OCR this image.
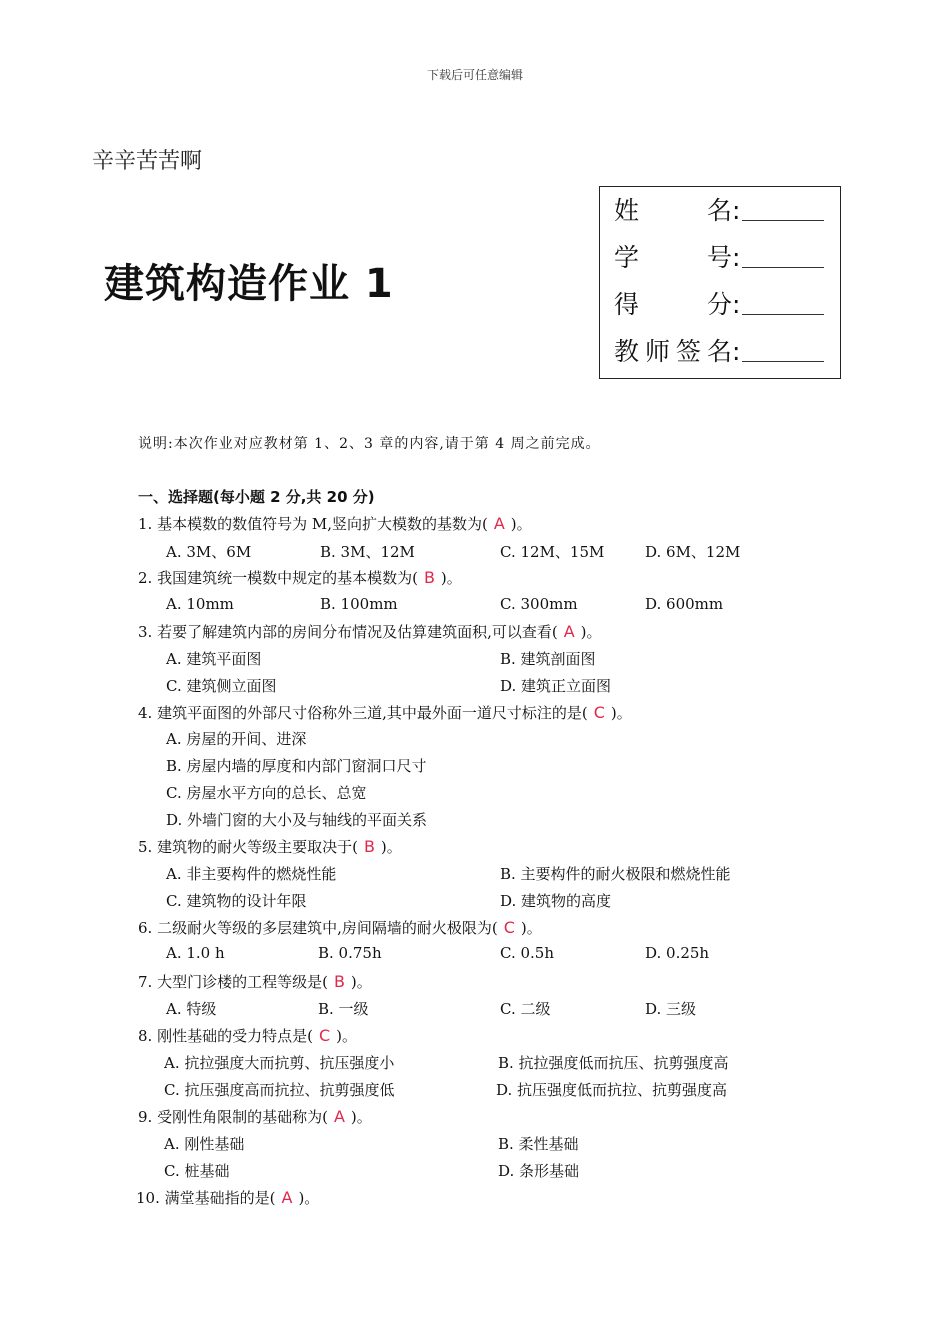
下载后可任意编辑
辛辛苦苦啊
建筑构造作业 1
姓名:
学号:
得分:
教师签名:
说明:本次作业对应教材第 1、2、3 章的内容,请于第 4 周之前完成。
一、选择题(每小题 2 分,共 20 分)
1. 基本模数的数值符号为 M,竖向扩大模数的基数为( A )。
A. 3M、6M	B. 3M、12M	C. 12M、15M	D. 6M、12M
2. 我国建筑统一模数中规定的基本模数为( B )。
A. 10mm	B. 100mm	C. 300mm	D. 600mm
3. 若要了解建筑内部的房间分布情况及估算建筑面积,可以查看( A )。
A. 建筑平面图	B. 建筑剖面图
C. 建筑侧立面图	D. 建筑正立面图
4. 建筑平面图的外部尺寸俗称外三道,其中最外面一道尺寸标注的是( C )。
A. 房屋的开间、进深
B. 房屋内墙的厚度和内部门窗洞口尺寸
C. 房屋水平方向的总长、总宽
D. 外墙门窗的大小及与轴线的平面关系
5. 建筑物的耐火等级主要取决于( B )。
A. 非主要构件的燃烧性能	B. 主要构件的耐火极限和燃烧性能
C. 建筑物的设计年限	D. 建筑物的高度
6. 二级耐火等级的多层建筑中,房间隔墙的耐火极限为( C )。
A. 1.0 h	B. 0.75h	C. 0.5h	D. 0.25h
7. 大型门诊楼的工程等级是( B )。
A. 特级	B. 一级	C. 二级	D. 三级
8. 刚性基础的受力特点是( C )。
A. 抗拉强度大而抗剪、抗压强度小	B. 抗拉强度低而抗压、抗剪强度高
C. 抗压强度高而抗拉、抗剪强度低	D. 抗压强度低而抗拉、抗剪强度高
9. 受刚性角限制的基础称为( A )。
A. 刚性基础	B. 柔性基础
C. 桩基础	D. 条形基础
10. 满堂基础指的是( A )。
